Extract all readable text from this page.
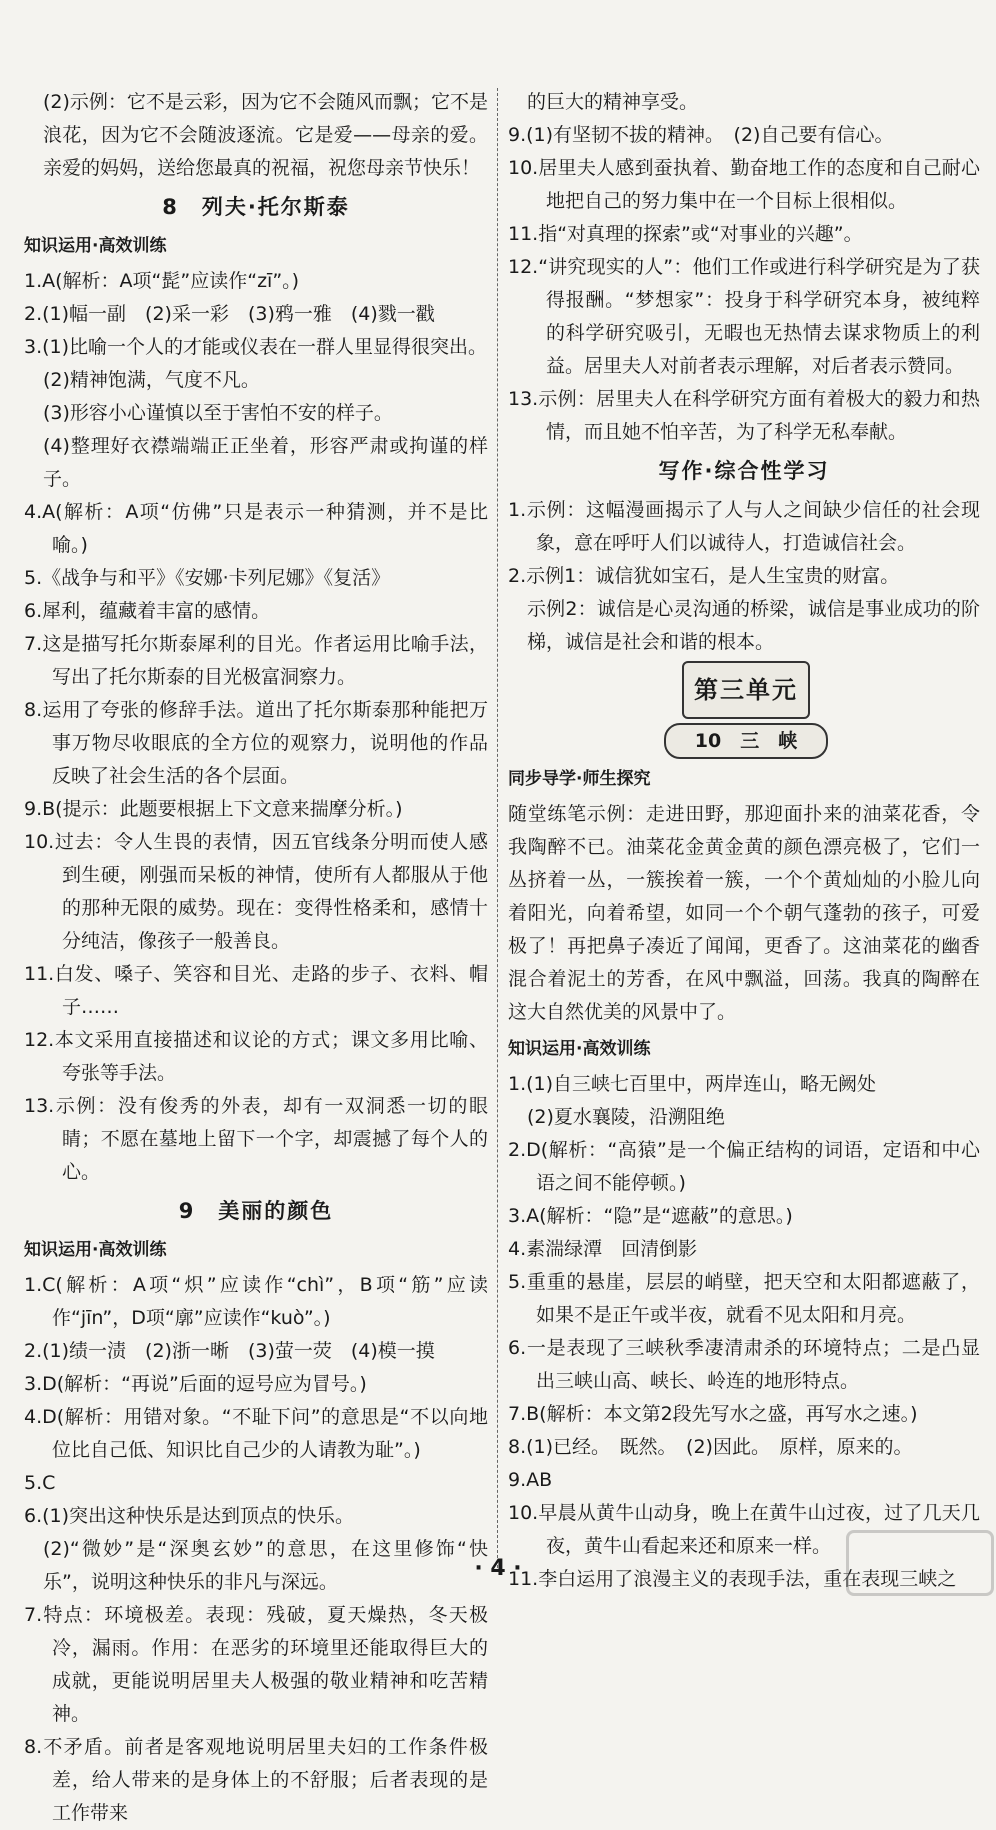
(2)示例：它不是云彩，因为它不会随风而飘；它不是浪花，因为它不会随波逐流。它是爱——母亲的爱。亲爱的妈妈，送给您最真的祝福，祝您母亲节快乐！

8　列夫·托尔斯泰
知识运用·高效训练

1.A(解析：A项“髭”应读作“zī”。)

2.(1)幅一副　(2)采一彩　(3)鸦一雅　(4)戮一戳

3.(1)比喻一个人的才能或仪表在一群人里显得很突出。

(2)精神饱满，气度不凡。

(3)形容小心谨慎以至于害怕不安的样子。

(4)整理好衣襟端端正正坐着，形容严肃或拘谨的样子。

4.A(解析：A项“仿佛”只是表示一种猜测，并不是比喻。)

5.《战争与和平》《安娜·卡列尼娜》《复活》

6.犀利，蕴藏着丰富的感情。

7.这是描写托尔斯泰犀利的目光。作者运用比喻手法，写出了托尔斯泰的目光极富洞察力。

8.运用了夸张的修辞手法。道出了托尔斯泰那种能把万事万物尽收眼底的全方位的观察力，说明他的作品反映了社会生活的各个层面。

9.B(提示：此题要根据上下文意来揣摩分析。)

10.过去：令人生畏的表情，因五官线条分明而使人感到生硬，刚强而呆板的神情，使所有人都服从于他的那种无限的威势。现在：变得性格柔和，感情十分纯洁，像孩子一般善良。

11.白发、嗓子、笑容和目光、走路的步子、衣料、帽子……

12.本文采用直接描述和议论的方式；课文多用比喻、夸张等手法。

13.示例：没有俊秀的外表，却有一双洞悉一切的眼睛；不愿在墓地上留下一个字，却震撼了每个人的心。

9　美丽的颜色
知识运用·高效训练

1.C(解析：A项“炽”应读作“chì”，B项“筋”应读作“jīn”，D项“廓”应读作“kuò”。)

2.(1)绩一渍　(2)浙一晰　(3)萤一荧　(4)模一摸

3.D(解析：“再说”后面的逗号应为冒号。)

4.D(解析：用错对象。“不耻下问”的意思是“不以向地位比自己低、知识比自己少的人请教为耻”。)

5.C

6.(1)突出这种快乐是达到顶点的快乐。

(2)“微妙”是“深奥玄妙”的意思，在这里修饰“快乐”，说明这种快乐的非凡与深远。

7.特点：环境极差。表现：残破，夏天燥热，冬天极冷，漏雨。作用：在恶劣的环境里还能取得巨大的成就，更能说明居里夫人极强的敬业精神和吃苦精神。

8.不矛盾。前者是客观地说明居里夫妇的工作条件极差，给人带来的是身体上的不舒服；后者表现的是工作带来

的巨大的精神享受。

9.(1)有坚韧不拔的精神。　(2)自己要有信心。

10.居里夫人感到蚕执着、勤奋地工作的态度和自己耐心地把自己的努力集中在一个目标上很相似。

11.指“对真理的探索”或“对事业的兴趣”。

12.“讲究现实的人”：他们工作或进行科学研究是为了获得报酬。“梦想家”：投身于科学研究本身，被纯粹的科学研究吸引，无暇也无热情去谋求物质上的利益。居里夫人对前者表示理解，对后者表示赞同。

13.示例：居里夫人在科学研究方面有着极大的毅力和热情，而且她不怕辛苦，为了科学无私奉献。

写作·综合性学习

1.示例：这幅漫画揭示了人与人之间缺少信任的社会现象，意在呼吁人们以诚待人，打造诚信社会。

2.示例1：诚信犹如宝石，是人生宝贵的财富。

示例2：诚信是心灵沟通的桥梁，诚信是事业成功的阶梯，诚信是社会和谐的根本。

第三单元
10　三　峡
同步导学·师生探究

随堂练笔示例：走进田野，那迎面扑来的油菜花香，令我陶醉不已。油菜花金黄金黄的颜色漂亮极了，它们一丛挤着一丛，一簇挨着一簇，一个个黄灿灿的小脸儿向着阳光，向着希望，如同一个个朝气蓬勃的孩子，可爱极了！再把鼻子凑近了闻闻，更香了。这油菜花的幽香混合着泥土的芳香，在风中飘溢，回荡。我真的陶醉在这大自然优美的风景中了。

知识运用·高效训练

1.(1)自三峡七百里中，两岸连山，略无阙处

(2)夏水襄陵，沿溯阻绝

2.D(解析：“高猿”是一个偏正结构的词语，定语和中心语之间不能停顿。)

3.A(解析：“隐”是“遮蔽”的意思。)

4.素湍绿潭　回清倒影

5.重重的悬崖，层层的峭壁，把天空和太阳都遮蔽了，如果不是正午或半夜，就看不见太阳和月亮。

6.一是表现了三峡秋季凄清肃杀的环境特点；二是凸显出三峡山高、峡长、岭连的地形特点。

7.B(解析：本文第2段先写水之盛，再写水之速。)

8.(1)已经。　既然。　(2)因此。　原样，原来的。

9.AB

10.早晨从黄牛山动身，晚上在黄牛山过夜，过了几天几夜，黄牛山看起来还和原来一样。

11.李白运用了浪漫主义的表现手法，重在表现三峡之

· 4 ·
